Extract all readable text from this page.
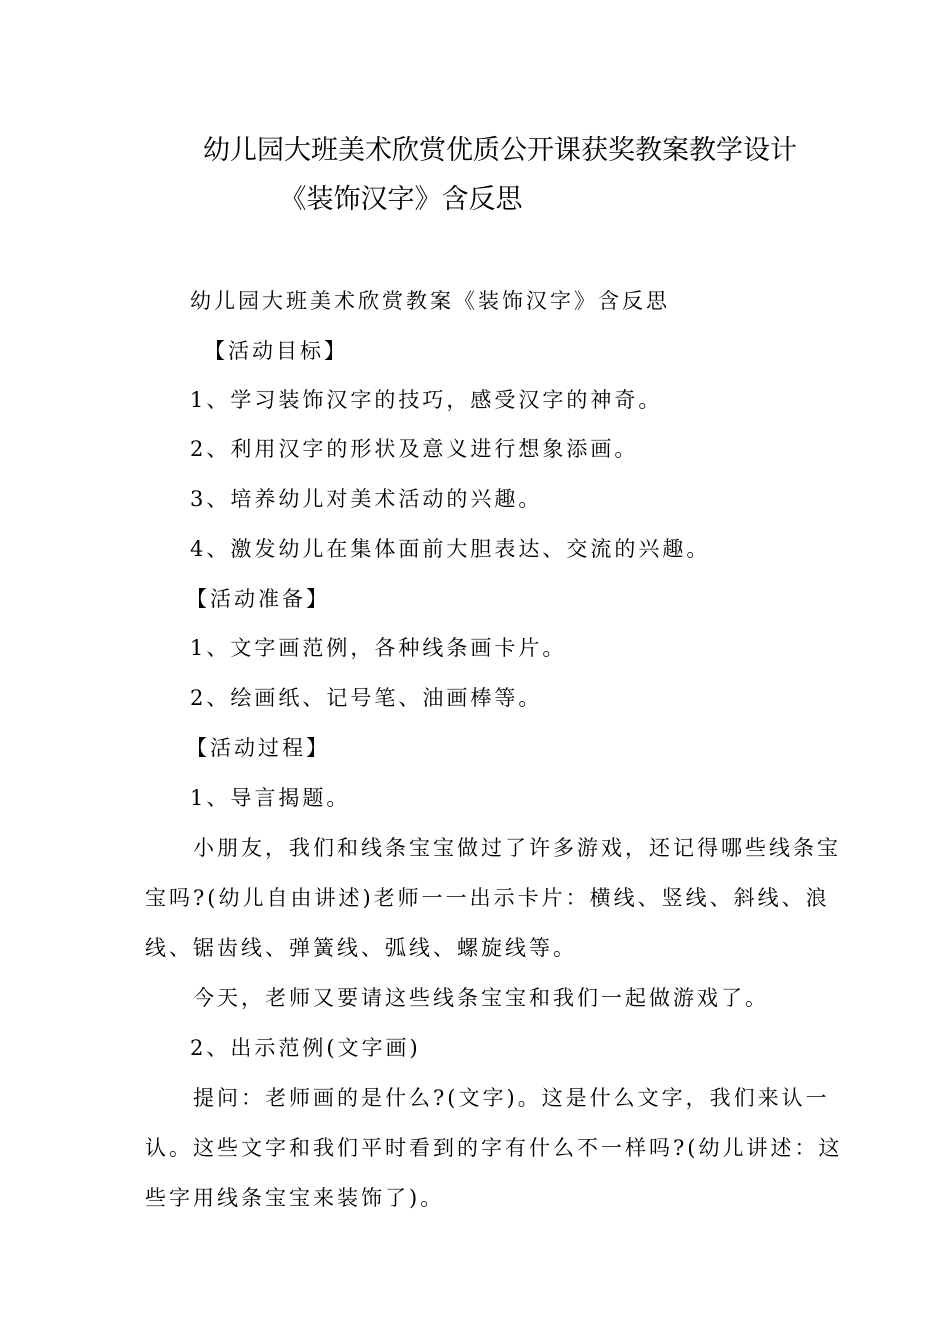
幼儿园大班美术欣赏优质公开课获奖教案教学设计
《装饰汉字》含反思
幼儿园大班美术欣赏教案《装饰汉字》含反思
【活动目标】
1、学习装饰汉字的技巧，感受汉字的神奇。
2、利用汉字的形状及意义进行想象添画。
3、培养幼儿对美术活动的兴趣。
4、激发幼儿在集体面前大胆表达、交流的兴趣。
【活动准备】
1、文字画范例，各种线条画卡片。
2、绘画纸、记号笔、油画棒等。
【活动过程】
1、导言揭题。
小朋友，我们和线条宝宝做过了许多游戏，还记得哪些线条宝
宝吗?(幼儿自由讲述)老师一一出示卡片：横线、竖线、斜线、浪
线、锯齿线、弹簧线、弧线、螺旋线等。
今天，老师又要请这些线条宝宝和我们一起做游戏了。
2、出示范例(文字画)
提问：老师画的是什么?(文字)。这是什么文字，我们来认一
认。这些文字和我们平时看到的字有什么不一样吗?(幼儿讲述：这
些字用线条宝宝来装饰了)。
